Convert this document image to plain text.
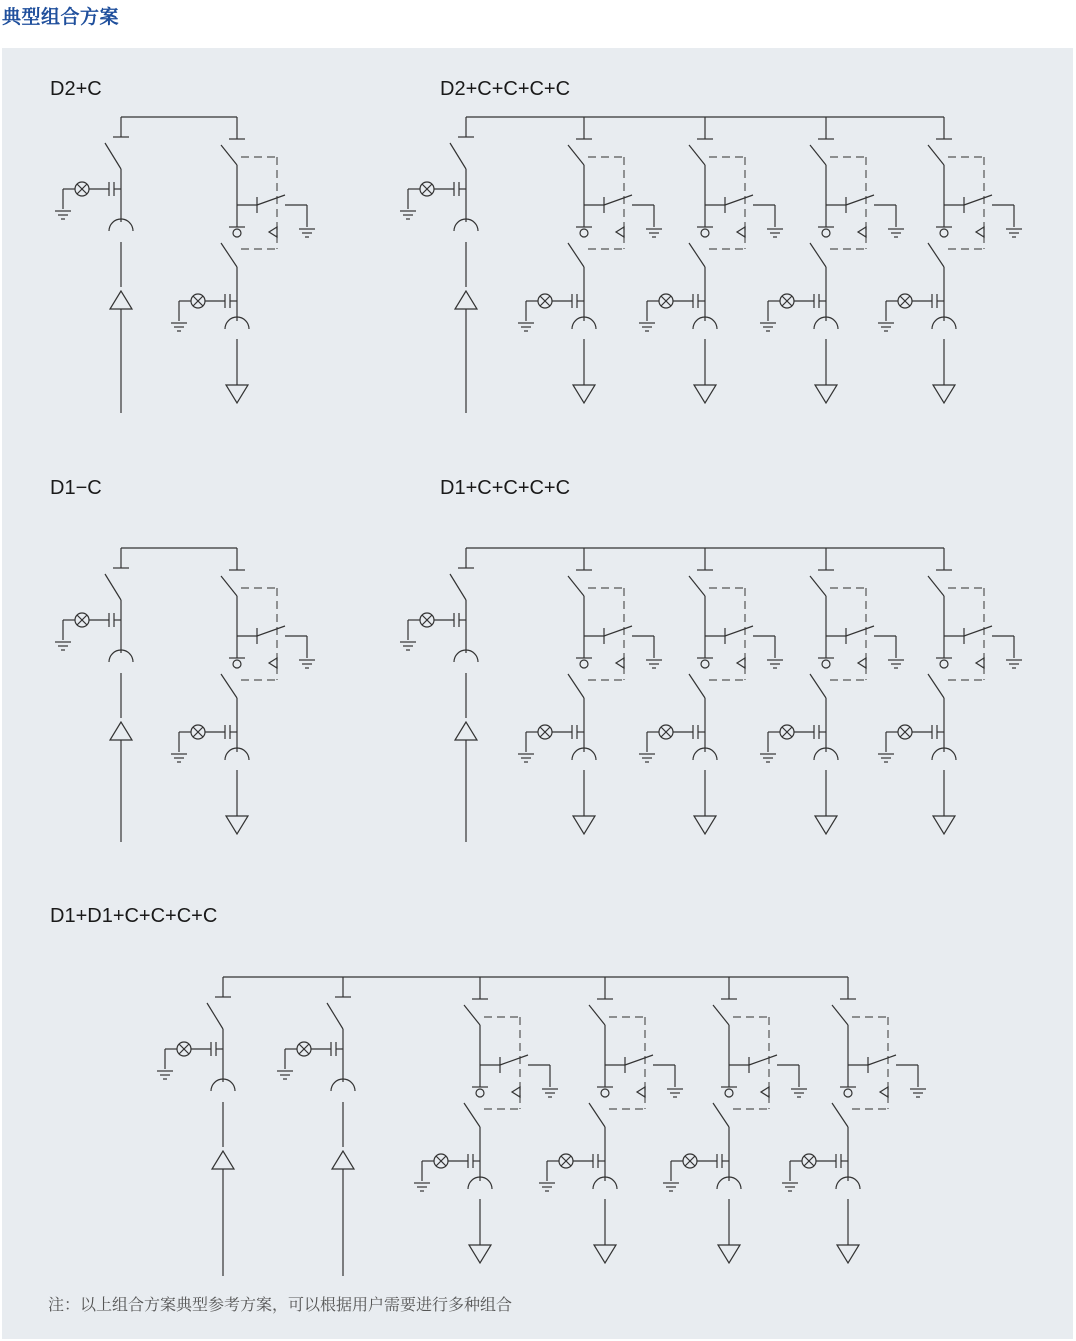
典型组合方案
D2+C	D2+C+C+C+C
D1−C	D1+C+C+C+C
D1+D1+C+C+C+C
注：以上组合方案典型参考方案，可以根据用户需要进行多种组合
